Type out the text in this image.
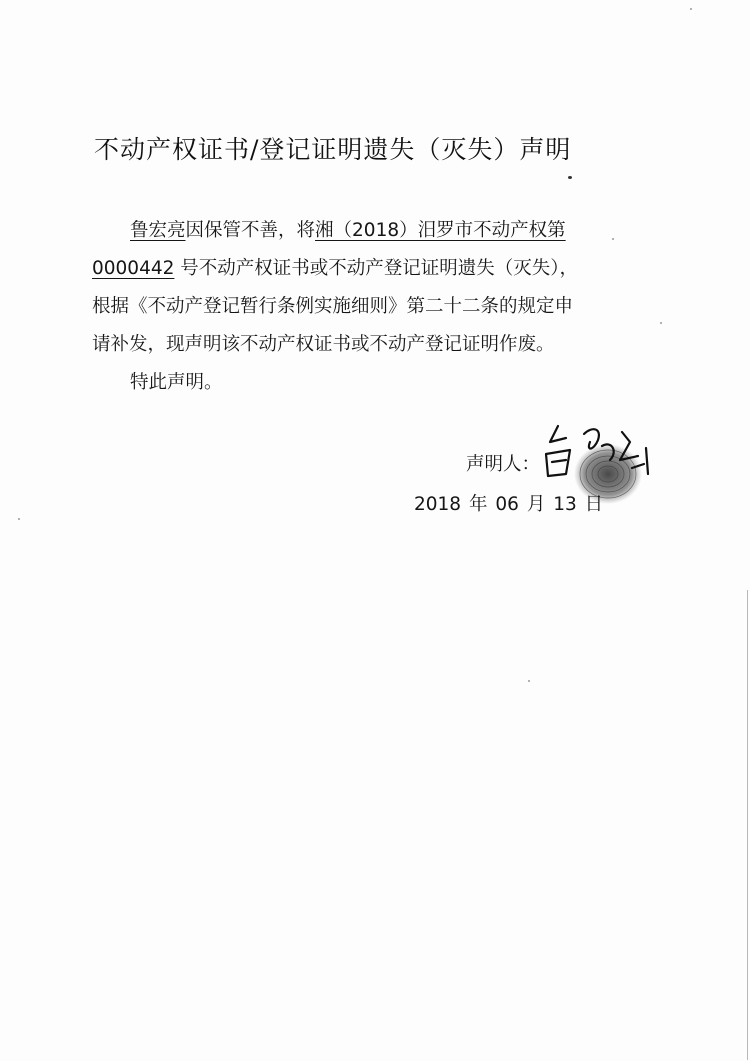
不动产权证书/登记证明遗失（灭失）声明
鲁宏亮因保管不善，将湘（2018）汨罗市不动产权第
0000442 号不动产权证书或不动产登记证明遗失（灭失），
根据《不动产登记暂行条例实施细则》第二十二条的规定申
请补发，现声明该不动产权证书或不动产登记证明作废。
特此声明。
声明人：
2018 年 06 月 13 日
